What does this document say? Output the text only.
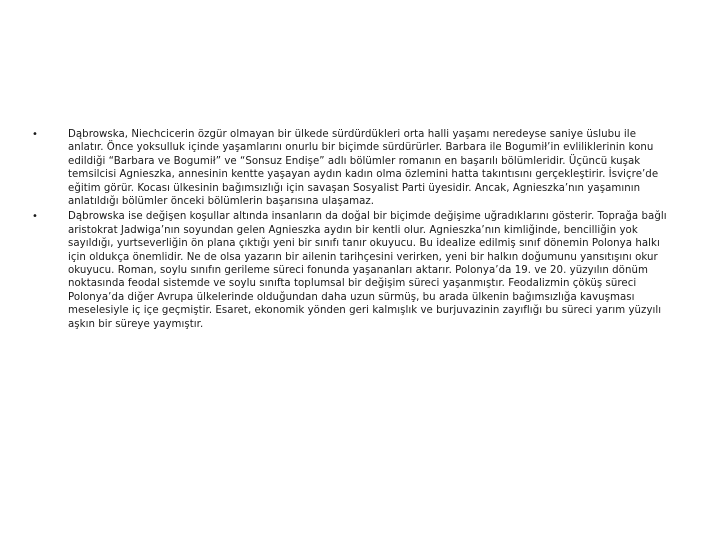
•	Dąbrowska, Niechcicerin özgür olmayan bir ülkede sürdürdükleri orta halli yaşamı neredeyse saniye üslubu ile anlatır. Önce yoksulluk içinde yaşamlarını onurlu bir biçimde sürdürürler. Barbara ile Bogumił’in evliliklerinin konu edildiği “Barbara ve Bogumił” ve “Sonsuz Endişe” adlı bölümler romanın en başarılı bölümleridir. Üçüncü kuşak temsilcisi Agnieszka, annesinin kentte yaşayan aydın kadın olma özlemini hatta takıntısını gerçekleştirir. İsviçre’de eğitim görür. Kocası ülkesinin bağımsızlığı için savaşan Sosyalist Parti üyesidir. Ancak, Agnieszka’nın yaşamının anlatıldığı bölümler önceki bölümlerin başarısına ulaşamaz.
•	Dąbrowska ise değişen koşullar altında insanların da doğal bir biçimde değişime uğradıklarını gösterir. Toprağa bağlı aristokrat Jadwiga’nın soyundan gelen Agnieszka aydın bir kentli olur. Agnieszka’nın kimliğinde, bencilliğin yok sayıldığı, yurtseverliğin ön plana çıktığı yeni bir sınıfı tanır okuyucu. Bu idealize edilmiş sınıf dönemin Polonya halkı için oldukça önemlidir. Ne de olsa yazarın bir ailenin tarihçesini verirken, yeni bir halkın doğumunu yansıtışını okur okuyucu. Roman, soylu sınıfın gerileme süreci fonunda yaşananları aktarır. Polonya’da 19. ve 20. yüzyılın dönüm noktasında feodal sistemde ve soylu sınıfta toplumsal bir değişim süreci yaşanmıştır. Feodalizmin çöküş süreci Polonya’da diğer Avrupa ülkelerinde olduğundan daha uzun sürmüş, bu arada ülkenin bağımsızlığa kavuşması meselesiyle iç içe geçmiştir. Esaret, ekonomik yönden geri kalmışlık ve burjuvazinin zayıflığı bu süreci yarım yüzyılı aşkın bir süreye yaymıştır.
